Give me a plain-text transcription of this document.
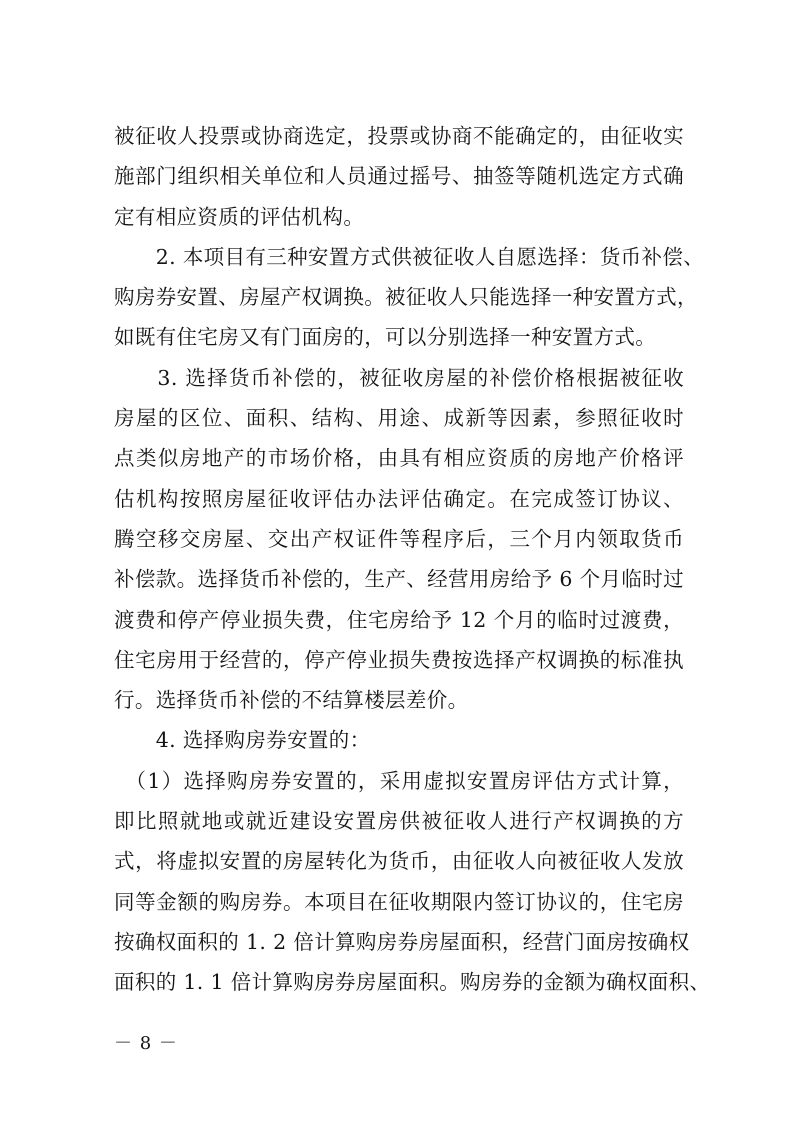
被征收人投票或协商选定，投票或协商不能确定的，由征收实
施部门组织相关单位和人员通过摇号、抽签等随机选定方式确
定有相应资质的评估机构。
　　2. 本项目有三种安置方式供被征收人自愿选择：货币补偿、
购房券安置、房屋产权调换。被征收人只能选择一种安置方式，
如既有住宅房又有门面房的，可以分别选择一种安置方式。
　　3. 选择货币补偿的，被征收房屋的补偿价格根据被征收
房屋的区位、面积、结构、用途、成新等因素，参照征收时
点类似房地产的市场价格，由具有相应资质的房地产价格评
估机构按照房屋征收评估办法评估确定。在完成签订协议、
腾空移交房屋、交出产权证件等程序后，三个月内领取货币
补偿款。选择货币补偿的，生产、经营用房给予 6 个月临时过
渡费和停产停业损失费，住宅房给予 12 个月的临时过渡费，
住宅房用于经营的，停产停业损失费按选择产权调换的标准执
行。选择货币补偿的不结算楼层差价。
　　4. 选择购房券安置的：
　（1）选择购房券安置的，采用虚拟安置房评估方式计算，
即比照就地或就近建设安置房供被征收人进行产权调换的方
式，将虚拟安置的房屋转化为货币，由征收人向被征收人发放
同等金额的购房券。本项目在征收期限内签订协议的，住宅房
按确权面积的 1. 2 倍计算购房券房屋面积，经营门面房按确权
面积的 1. 1 倍计算购房券房屋面积。购房券的金额为确权面积、
－ 8 －
